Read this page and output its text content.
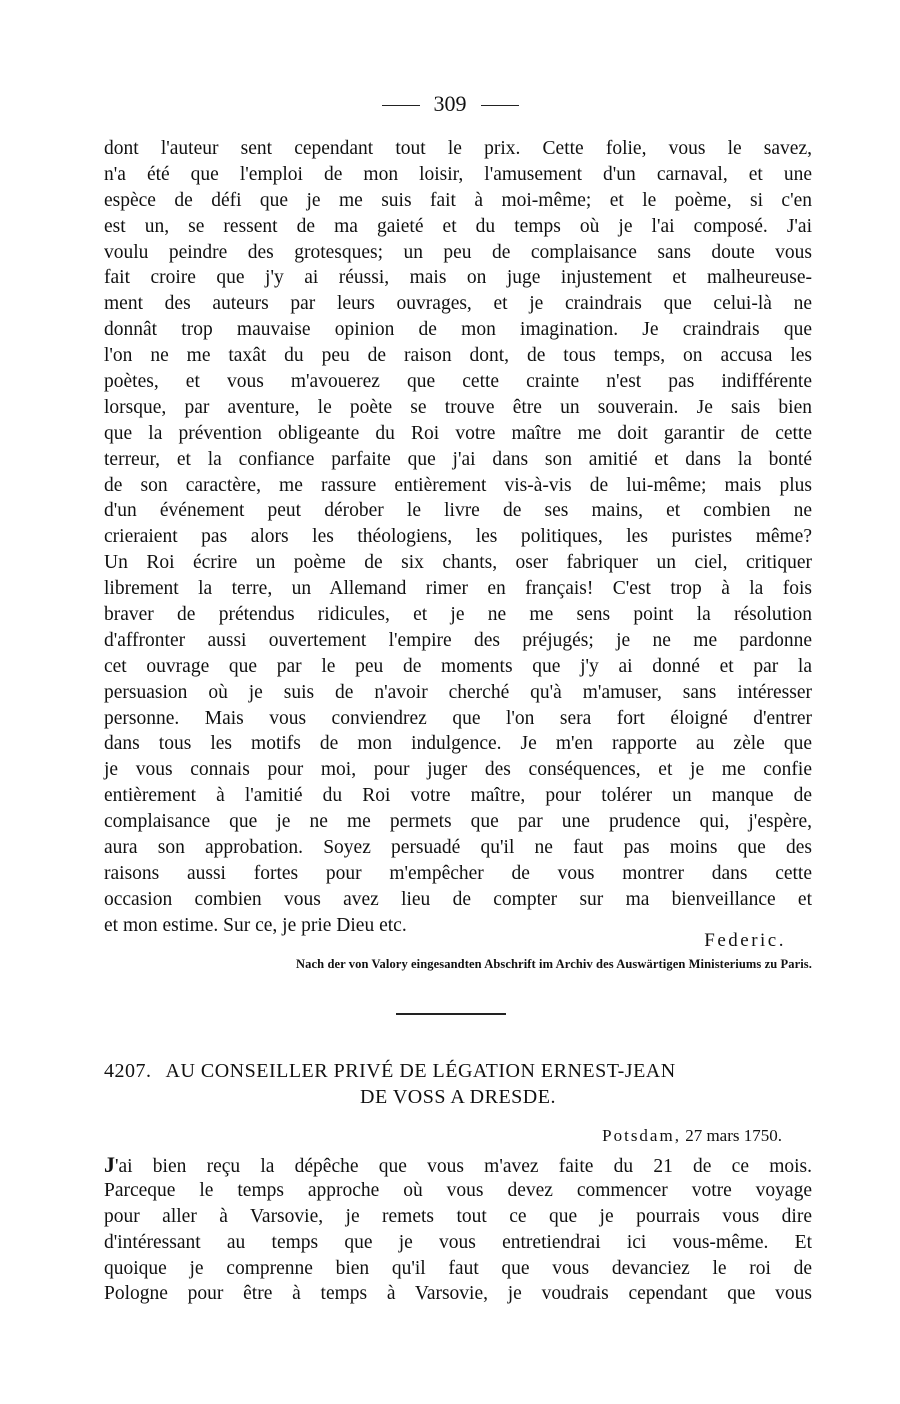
309
dont l'auteur sent cependant tout le prix. Cette folie, vous le savez,
n'a été que l'emploi de mon loisir, l'amusement d'un carnaval, et une
espèce de défi que je me suis fait à moi-même; et le poème, si c'en
est un, se ressent de ma gaieté et du temps où je l'ai composé. J'ai
voulu peindre des grotesques; un peu de complaisance sans doute vous
fait croire que j'y ai réussi, mais on juge injustement et malheureuse-
ment des auteurs par leurs ouvrages, et je craindrais que celui-là ne
donnât trop mauvaise opinion de mon imagination. Je craindrais que
l'on ne me taxât du peu de raison dont, de tous temps, on accusa les
poètes, et vous m'avouerez que cette crainte n'est pas indifférente
lorsque, par aventure, le poète se trouve être un souverain. Je sais bien
que la prévention obligeante du Roi votre maître me doit garantir de cette
terreur, et la confiance parfaite que j'ai dans son amitié et dans la bonté
de son caractère, me rassure entièrement vis-à-vis de lui-même; mais plus
d'un événement peut dérober le livre de ses mains, et combien ne
crieraient pas alors les théologiens, les politiques, les puristes même?
Un Roi écrire un poème de six chants, oser fabriquer un ciel, critiquer
librement la terre, un Allemand rimer en français! C'est trop à la fois
braver de prétendus ridicules, et je ne me sens point la résolution
d'affronter aussi ouvertement l'empire des préjugés; je ne me pardonne
cet ouvrage que par le peu de moments que j'y ai donné et par la
persuasion où je suis de n'avoir cherché qu'à m'amuser, sans intéresser
personne. Mais vous conviendrez que l'on sera fort éloigné d'entrer
dans tous les motifs de mon indulgence. Je m'en rapporte au zèle que
je vous connais pour moi, pour juger des conséquences, et je me confie
entièrement à l'amitié du Roi votre maître, pour tolérer un manque de
complaisance que je ne me permets que par une prudence qui, j'espère,
aura son approbation. Soyez persuadé qu'il ne faut pas moins que des
raisons aussi fortes pour m'empêcher de vous montrer dans cette
occasion combien vous avez lieu de compter sur ma bienveillance et
et mon estime. Sur ce, je prie Dieu etc.
Federic.
Nach der von Valory eingesandten Abschrift im Archiv des Auswärtigen Ministeriums zu Paris.
4207. AU CONSEILLER PRIVÉ DE LÉGATION ERNEST-JEAN
DE VOSS A DRESDE.
Potsdam, 27 mars 1750.
J'ai bien reçu la dépêche que vous m'avez faite du 21 de ce mois.
Parceque le temps approche où vous devez commencer votre voyage
pour aller à Varsovie, je remets tout ce que je pourrais vous dire
d'intéressant au temps que je vous entretiendrai ici vous-même. Et
quoique je comprenne bien qu'il faut que vous devanciez le roi de
Pologne pour être à temps à Varsovie, je voudrais cependant que vous
